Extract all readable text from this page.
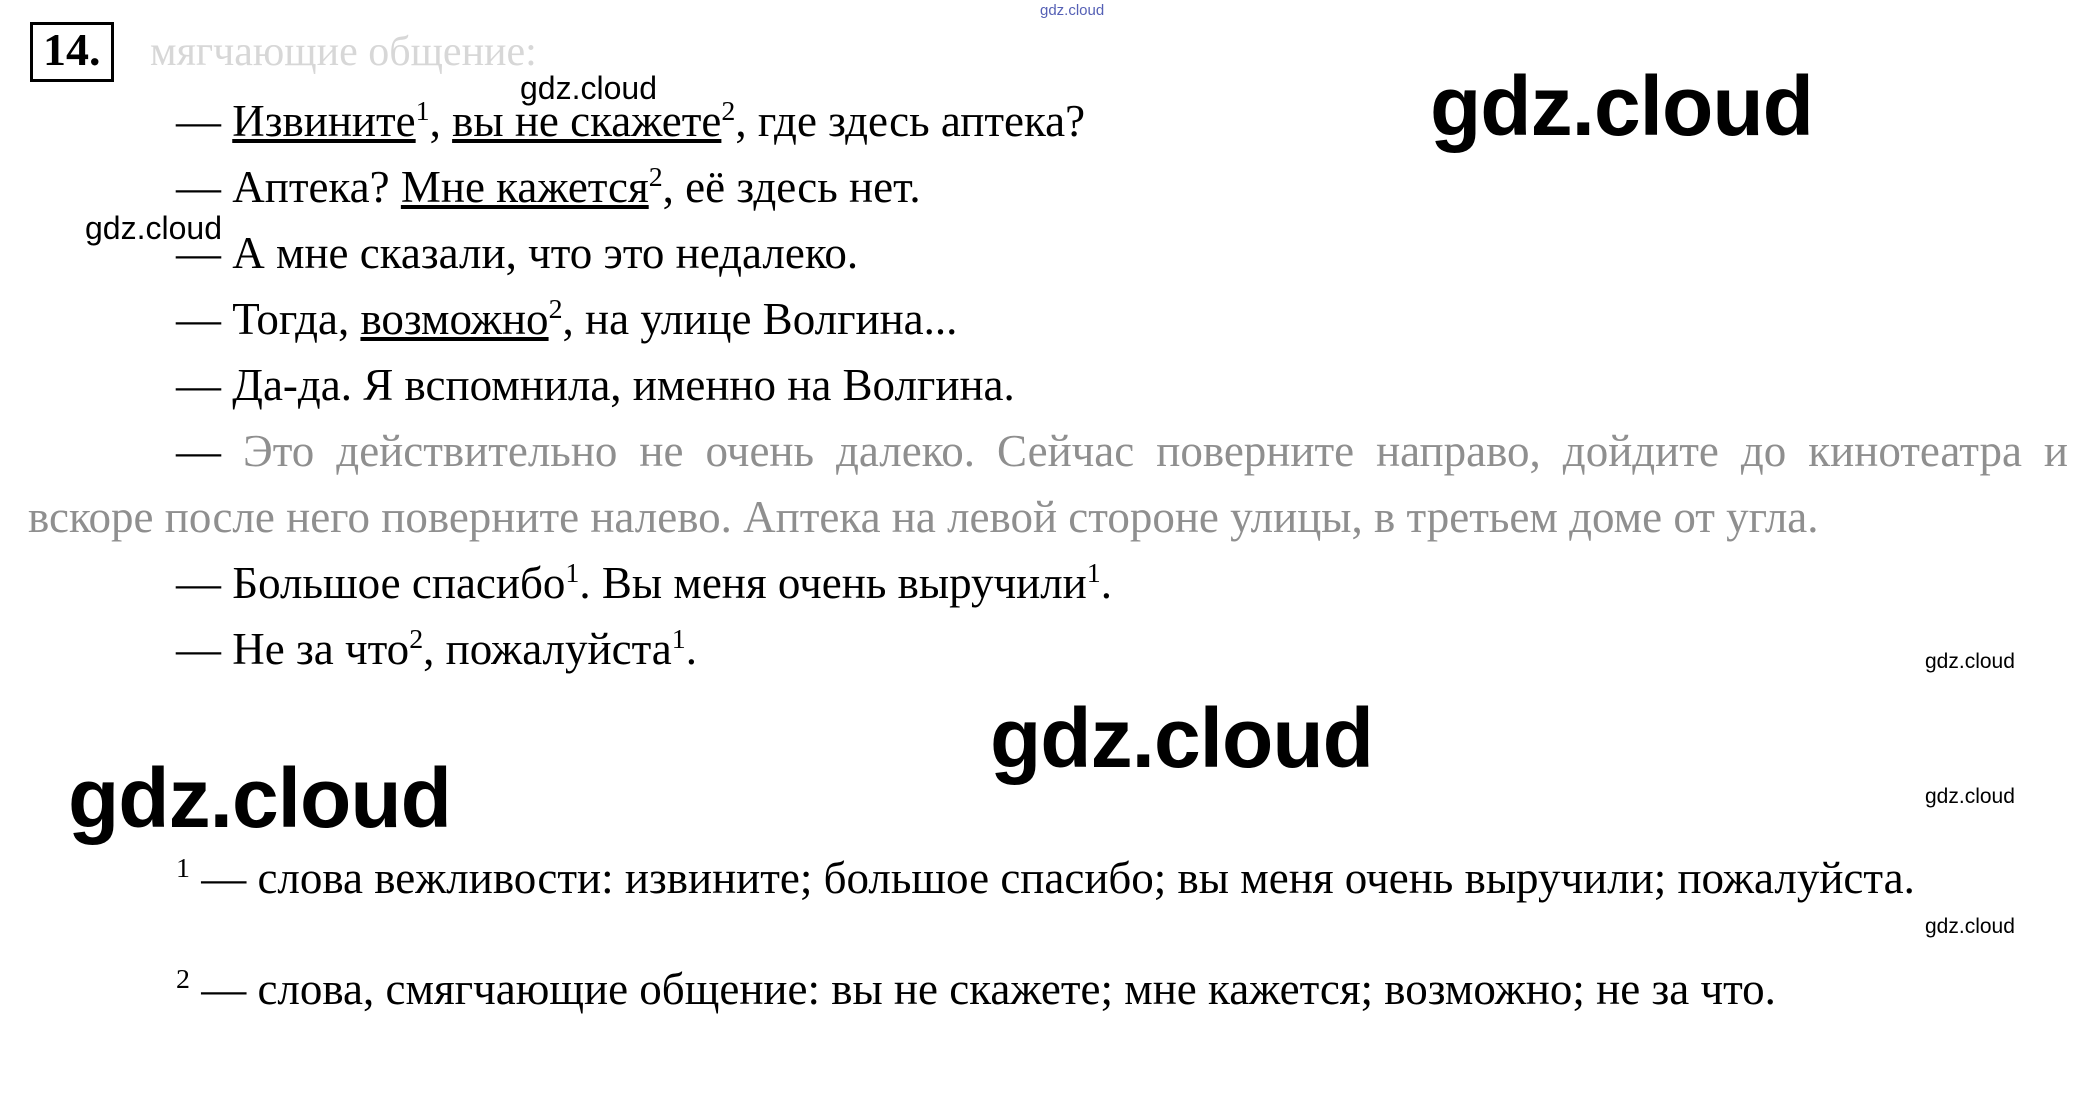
14.	мягчающие общение:

— Извините$^1$, вы не скажете$^2$, где здесь аптека?

— Аптека? Мне кажется$^2$, её здесь нет.

— А мне сказали, что это недалеко.

— Тогда, возможно$^2$, на улице Волгина...

— Да-да. Я вспомнила, именно на Волгина.

— Это действительно не очень далеко. Сейчас поверните направо, дойдите до кинотеатра и вскоре после него поверните налево. Аптека на левой стороне улицы, в третьем доме от угла.

— Большое спасибо$^1$. Вы меня очень выручили$^1$.

— Не за что$^2$, пожалуйста$^1$.

$^1$ — слова вежливости: извините; большое спасибо; вы меня очень выручили; пожалуйста.

$^2$ — слова, смягчающие общение: вы не скажете; мне кажется; возможно; не за что.

gdz.cloud
gdz.cloud
gdz.cloud
gdz.cloud
gdz.cloud
gdz.cloud
gdz.cloud
gdz.cloud
gdz.cloud
